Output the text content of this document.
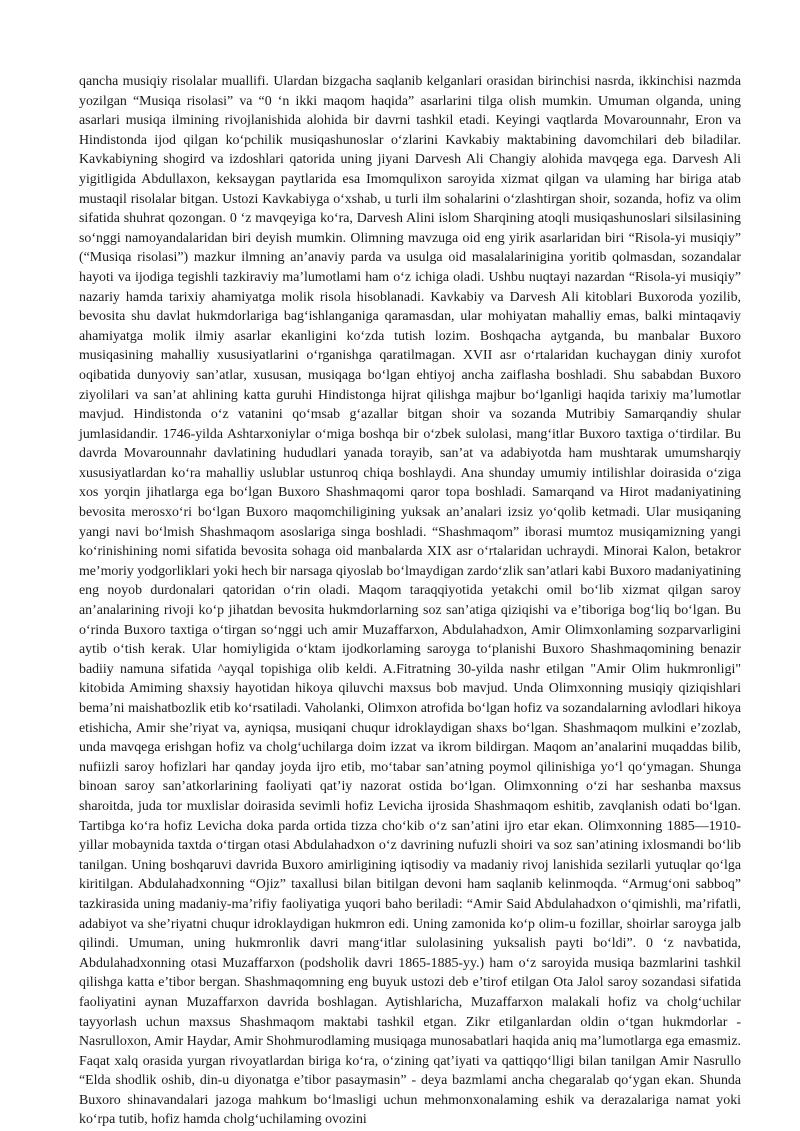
qancha musiqiy risolalar muallifi. Ulardan bizgacha saqlanib kelganlari orasidan birinchisi nasrda, ikkinchisi nazmda yozilgan “Musiqa risolasi” va “0 ‘n ikki maqom haqida” asarlarini tilga olish mumkin. Umuman olganda, uning asarlari musiqa ilmining rivojlanishida alohida bir davrni tashkil etadi. Keyingi vaqtlarda Movarounnahr, Eron va Hindistonda ijod qilgan ko‘pchilik musiqashunoslar o‘zlarini Kavkabiy maktabining davomchilari deb biladilar. Kavkabiyning shogird va izdoshlari qatorida uning jiyani Darvesh Ali Changiy alohida mavqega ega. Darvesh Ali yigitligida Abdullaxon, keksaygan paytlarida esa Imomqulixon saroyida xizmat qilgan va ulaming har biriga atab mustaqil risolalar bitgan. Ustozi Kavkabiyga o‘xshab, u turli ilm sohalarini o‘zlashtirgan shoir, sozanda, hofiz va olim sifatida shuhrat qozongan. 0 ‘z mavqeyiga ko‘ra, Darvesh Alini islom Sharqining atoqli musiqashunoslari silsilasining so‘nggi namoyandalaridan biri deyish mumkin. Olimning mavzuga oid eng yirik asarlaridan biri “Risola-yi musiqiy” (“Musiqa risolasi”) mazkur ilmning an’anaviy parda va usulga oid masalalarinigina yoritib qolmasdan, sozandalar hayoti va ijodiga tegishli tazkiraviy ma’lumotlami ham o‘z ichiga oladi. Ushbu nuqtayi nazardan “Risola-yi musiqiy” nazariy hamda tarixiy ahamiyatga molik risola hisoblanadi. Kavkabiy va Darvesh Ali kitoblari Buxoroda yozilib, bevosita shu davlat hukmdorlariga bag‘ishlanganiga qaramasdan, ular mohiyatan mahalliy emas, balki mintaqaviy ahamiyatga molik ilmiy asarlar ekanligini ko‘zda tutish lozim. Boshqacha aytganda, bu manbalar Buxoro musiqasining mahalliy xususiyatlarini o‘rganishga qaratilmagan. XVII asr o‘rtalaridan kuchaygan diniy xurofot oqibatida dunyoviy san’atlar, xususan, musiqaga bo‘lgan ehtiyoj ancha zaiflasha boshladi. Shu sababdan Buxoro ziyolilari va san’at ahlining katta guruhi Hindistonga hijrat qilishga majbur bo‘lganligi haqida tarixiy ma’lumotlar mavjud. Hindistonda o‘z vatanini qo‘msab g‘azallar bitgan shoir va sozanda Mutribiy Samarqandiy shular jumlasidandir. 1746-yilda Ashtarxoniylar o‘miga boshqa bir o‘zbek sulolasi, mang‘itlar Buxoro taxtiga o‘tirdilar. Bu davrda Movarounnahr davlatining hududlari yanada torayib, san’at va adabiyotda ham mushtarak umumsharqiy xususiyatlardan ko‘ra mahalliy uslublar ustunroq chiqa boshlaydi. Ana shunday umumiy intilishlar doirasida o‘ziga xos yorqin jihatlarga ega bo‘lgan Buxoro Shashmaqomi qaror topa boshladi. Samarqand va Hirot madaniyatining bevosita merosxo‘ri bo‘lgan Buxoro maqomchiligining yuksak an’analari izsiz yo‘qolib ketmadi. Ular musiqaning yangi navi bo‘lmish Shashmaqom asoslariga singa boshladi. “Shashmaqom” iborasi mumtoz musiqamizning yangi ko‘rinishining nomi sifatida bevosita sohaga oid manbalarda XIX asr o‘rtalaridan uchraydi. Minorai Kalon, betakror me’moriy yodgorliklari yoki hech bir narsaga qiyoslab bo‘lmaydigan zardo‘zlik san’atlari kabi Buxoro madaniyatining eng noyob durdonalari qatoridan o‘rin oladi. Maqom taraqqiyotida yetakchi omil bo‘lib xizmat qilgan saroy an’analarining rivoji ko‘p jihatdan bevosita hukmdorlarning soz san’atiga qiziqishi va e’tiboriga bog‘liq bo‘lgan. Bu o‘rinda Buxoro taxtiga o‘tirgan so‘nggi uch amir Muzaffarxon, Abdulahadxon, Amir Olimxonlaming sozparvarligini aytib o‘tish kerak. Ular homiyligida o‘ktam ijodkorlaming saroyga to‘planishi Buxoro Shashmaqomining benazir badiiy namuna sifatida ^ayqal topishiga olib keldi. A.Fitratning 30-yilda nashr etilgan "Amir Olim hukmronligi" kitobida Amiming shaxsiy hayotidan hikoya qiluvchi maxsus bob mavjud. Unda Olimxonning musiqiy qiziqishlari bema’ni maishatbozlik etib ko‘rsatiladi. Vaholanki, Olimxon atrofida bo‘lgan hofiz va sozandalarning avlodlari hikoya etishicha, Amir she’riyat va, ayniqsa, musiqani chuqur idroklaydigan shaxs bo‘lgan. Shashmaqom mulkini e’zozlab, unda mavqega erishgan hofiz va cholg‘uchilarga doim izzat va ikrom bildirgan. Maqom an’analarini muqaddas bilib, nufiizli saroy hofizlari har qanday joyda ijro etib, mo‘tabar san’atning poymol qilinishiga yo‘l qo‘ymagan. Shunga binoan saroy san’atkorlarining faoliyati qat’iy nazorat ostida bo‘lgan. Olimxonning o‘zi har seshanba maxsus sharoitda, juda tor muxlislar doirasida sevimli hofiz Levicha ijrosida Shashmaqom eshitib, zavqlanish odati bo‘lgan. Tartibga ko‘ra hofiz Levicha doka parda ortida tizza cho‘kib o‘z san’atini ijro etar ekan. Olimxonning 1885—1910-yillar mobaynida taxtda o‘tirgan otasi Abdulahadxon o‘z davrining nufuzli shoiri va soz san’atining ixlosmandi bo‘lib tanilgan. Uning boshqaruvi davrida Buxoro amirligining iqtisodiy va madaniy rivoj lanishida sezilarli yutuqlar qo‘lga kiritilgan. Abdulahadxonning “Ojiz” taxallusi bilan bitilgan devoni ham saqlanib kelinmoqda. “Armug‘oni sabboq” tazkirasida uning madaniy-ma’rifiy faoliyatiga yuqori baho beriladi: “Amir Said Abdulahadxon o‘qimishli, ma’rifatli, adabiyot va she’riyatni chuqur idroklaydigan hukmron edi. Uning zamonida ko‘p olim-u fozillar, shoirlar saroyga jalb qilindi. Umuman, uning hukmronlik davri mang‘itlar sulolasining yuksalish payti bo‘ldi”. 0 ‘z navbatida, Abdulahadxonning otasi Muzaffarxon (podsholik davri 1865-1885-yy.) ham o‘z saroyida musiqa bazmlarini tashkil qilishga katta e’tibor bergan. Shashmaqomning eng buyuk ustozi deb e’tirof etilgan Ota Jalol saroy sozandasi sifatida faoliyatini aynan Muzaffarxon davrida boshlagan. Aytishlaricha, Muzaffarxon malakali hofiz va cholg‘uchilar tayyorlash uchun maxsus Shashmaqom maktabi tashkil etgan. Zikr etilganlardan oldin o‘tgan hukmdorlar - Nasrulloxon, Amir Haydar, Amir Shohmurodlaming musiqaga munosabatlari haqida aniq ma’lumotlarga ega emasmiz. Faqat xalq orasida yurgan rivoyatlardan biriga ko‘ra, o‘zining qat’iyati va qattiqqo‘lligi bilan tanilgan Amir Nasrullo “Elda shodlik oshib, din-u diyonatga e’tibor pasaymasin” - deya bazmlami ancha chegaralab qo‘ygan ekan. Shunda Buxoro shinavandalari jazoga mahkum bo‘lmasligi uchun mehmonxonalaming eshik va derazalariga namat yoki ko‘rpa tutib, hofiz hamda cholg‘uchilaming ovozini
